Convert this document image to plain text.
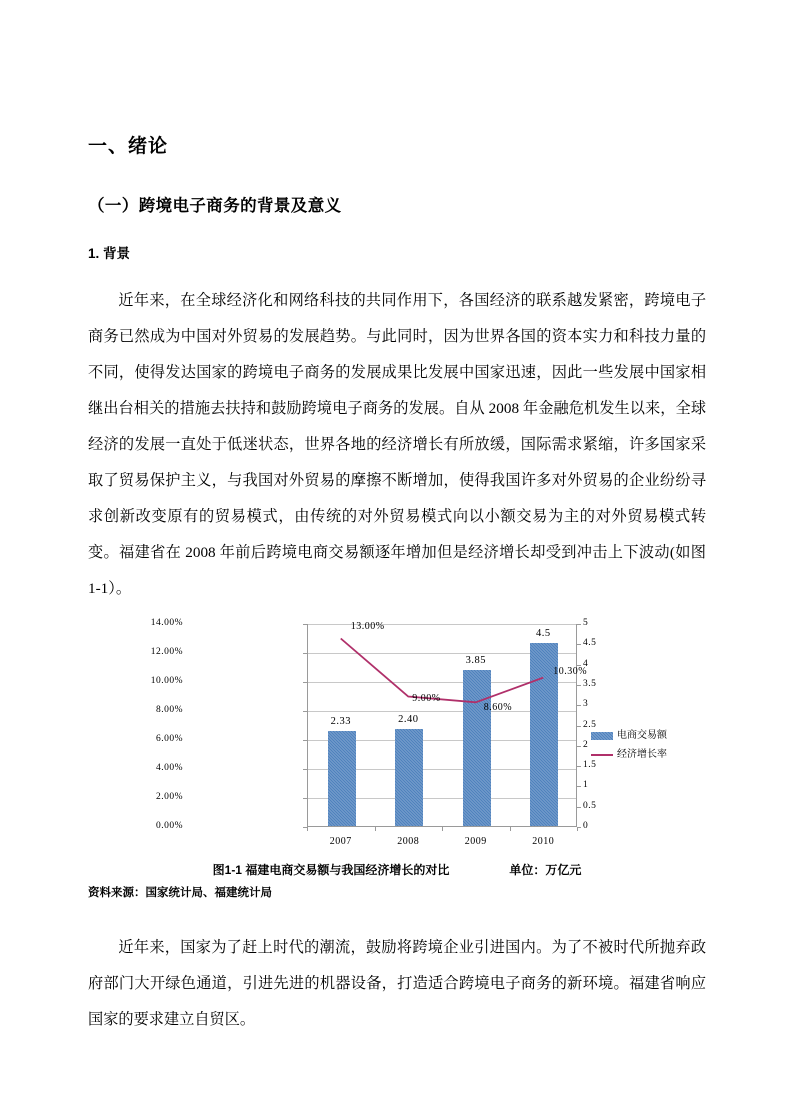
一、绪论
（一）跨境电子商务的背景及意义
1. 背景

近年来，在全球经济化和网络科技的共同作用下，各国经济的联系越发紧密，跨境电子商务已然成为中国对外贸易的发展趋势。与此同时，因为世界各国的资本实力和科技力量的不同，使得发达国家的跨境电子商务的发展成果比发展中国家迅速，因此一些发展中国家相继出台相关的措施去扶持和鼓励跨境电子商务的发展。自从 2008 年金融危机发生以来，全球经济的发展一直处于低迷状态，世界各地的经济增长有所放缓，国际需求紧缩，许多国家采取了贸易保护主义，与我国对外贸易的摩擦不断增加，使得我国许多对外贸易的企业纷纷寻求创新改变原有的贸易模式，由传统的对外贸易模式向以小额交易为主的对外贸易模式转变。福建省在 2008 年前后跨境电商交易额逐年增加但是经济增长却受到冲击上下波动(如图 1-1）。

电商交易额
经济增长率
0.00%
2.00%
4.00%
6.00%
8.00%
10.00%
12.00%
14.00%
0
0.5
1
1.5
2
2.5
3
3.5
4
4.5
5
2.33
2007
2.40
2008
3.85
2009
4.5
2010
13.00%
9.00%
8.60%
10.30%
图1-1 福建电商交易额与我国经济增长的对比	单位：万亿元
资料来源：国家统计局、福建统计局

近年来，国家为了赶上时代的潮流，鼓励将跨境企业引进国内。为了不被时代所抛弃政府部门大开绿色通道，引进先进的机器设备，打造适合跨境电子商务的新环境。福建省响应国家的要求建立自贸区。
